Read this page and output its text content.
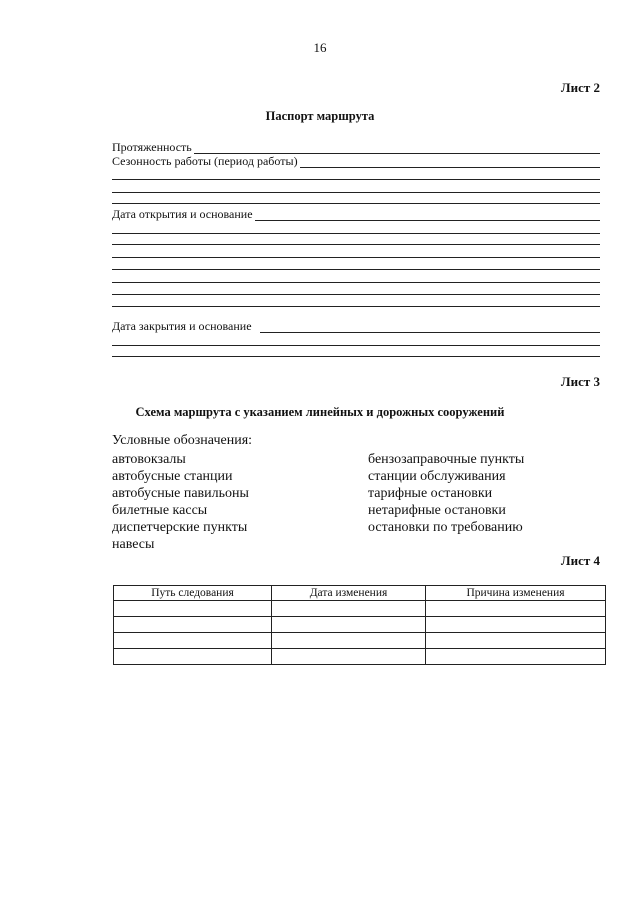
16
Лист 2
Паспорт маршрута
Протяженность
Сезонность работы (период работы)
Дата открытия и основание
Дата закрытия и основание
Лист 3
Схема маршрута с указанием линейных и дорожных сооружений
Условные обозначения:
автовокзалы
автобусные станции
автобусные павильоны
билетные кассы
диспетчерские пункты
навесы
бензозаправочные пункты
станции обслуживания
тарифные остановки
нетарифные остановки
остановки по требованию
Лист 4
Путь следования	Дата изменения	Причина изменения
